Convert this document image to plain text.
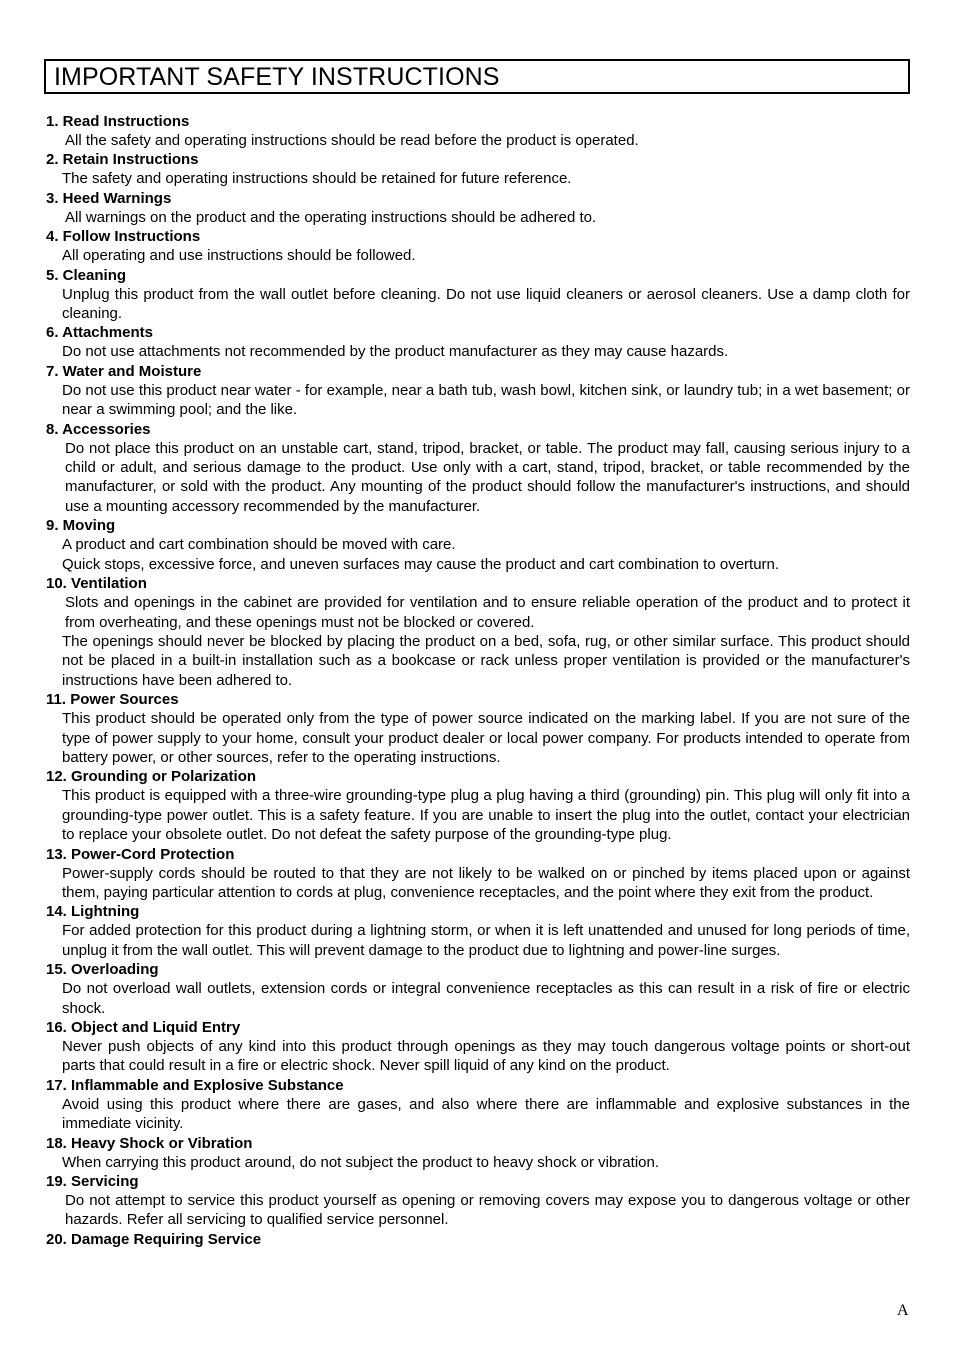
IMPORTANT SAFETY INSTRUCTIONS
1. Read Instructions
All the safety and operating instructions should be read before the product is operated.
2. Retain Instructions
The safety and operating instructions should be retained for future reference.
3. Heed Warnings
All warnings on the product and the operating instructions should be adhered to.
4. Follow Instructions
All operating and use instructions should be followed.
5. Cleaning
Unplug this product from the wall outlet before cleaning. Do not use liquid cleaners or aerosol cleaners. Use a damp cloth for cleaning.
6. Attachments
Do not use attachments not recommended by the product manufacturer as they may cause hazards.
7. Water and Moisture
Do not use this product near water - for example, near a bath tub, wash bowl, kitchen sink, or laundry tub; in a wet basement; or near a swimming pool; and the like.
8. Accessories
Do not place this product on an unstable cart, stand, tripod, bracket, or table. The product may fall, causing serious injury to a child or adult, and serious damage to the product. Use only with a cart, stand, tripod, bracket, or table recommended by the manufacturer, or sold with the product. Any mounting of the product should follow the manufacturer's instructions, and should use a mounting accessory recommended by the manufacturer.
9. Moving
A product and cart combination should be moved with care.
Quick stops, excessive force, and uneven surfaces may cause the product and cart combination to overturn.
10. Ventilation
Slots and openings in the cabinet are provided for ventilation and to ensure reliable operation of the product and to protect it from overheating, and these openings must not be blocked or covered.
The openings should never be blocked by placing the product on a bed, sofa, rug, or other similar surface. This product should not be placed in a built-in installation such as a bookcase or rack unless proper ventilation is provided or the manufacturer's instructions have been adhered to.
11. Power Sources
This product should be operated only from the type of power source indicated on the marking label. If you are not sure of the type of power supply to your home, consult your product dealer or local power company. For products intended to operate from battery power, or other sources, refer to the operating instructions.
12. Grounding or Polarization
This product is equipped with a three-wire grounding-type plug a plug having a third (grounding) pin. This plug will only fit into a grounding-type power outlet. This is a safety feature. If you are unable to insert the plug into the outlet, contact your electrician to replace your obsolete outlet. Do not defeat the safety purpose of the grounding-type plug.
13. Power-Cord Protection
Power-supply cords should be routed to that they are not likely to be walked on or pinched by items placed upon or against them, paying particular attention to cords at plug, convenience receptacles, and the point where they exit from the product.
14. Lightning
For added protection for this product during a lightning storm, or when it is left unattended and unused for long periods of time, unplug it from the wall outlet. This will prevent damage to the product due to lightning and power-line surges.
15. Overloading
Do not overload wall outlets, extension cords or integral convenience receptacles as this can result in a risk of fire or electric shock.
16. Object and Liquid Entry
Never push objects of any kind into this product through openings as they may touch dangerous voltage points or short-out parts that could result in a fire or electric shock. Never spill liquid of any kind on the product.
17. Inflammable and Explosive Substance
Avoid using this product where there are gases, and also where there are inflammable and explosive substances in the immediate vicinity.
18. Heavy Shock or Vibration
When carrying this product around, do not subject the product to heavy shock or vibration.
19. Servicing
Do not attempt to service this product yourself as opening or removing covers may expose you to dangerous voltage or other hazards. Refer all servicing to qualified service personnel.
20. Damage Requiring Service
A
